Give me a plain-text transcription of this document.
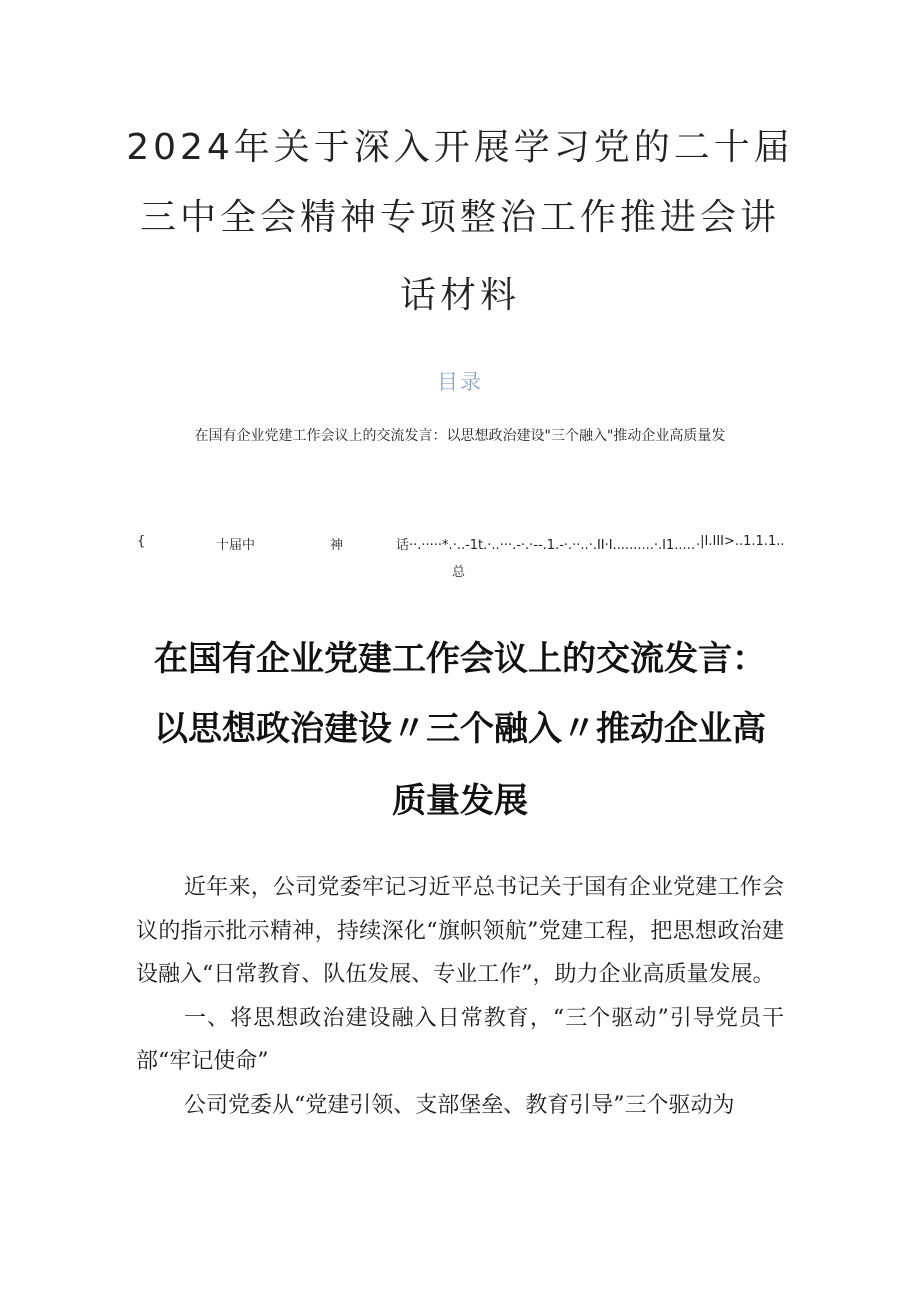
2024年关于深入开展学习党的二十届
三中全会精神专项整治工作推进会讲
话材料
目录
在国有企业党建工作会议上的交流发言：以思想政治建设"三个融入"推动企业高质量发
{	十届中	神	话··.·····*.·..-1t.·..···.-·.·--.1.-·.··..·.II·I..........·.I1..... .|I.III>..1.1.1..
总
在国有企业党建工作会议上的交流发言：
以思想政治建设〃三个融入〃推动企业高
质量发展

近年来，公司党委牢记习近平总书记关于国有企业党建工作会议的指示批示精神，持续深化“旗帜领航”党建工程，把思想政治建设融入“日常教育、队伍发展、专业工作”，助力企业高质量发展。

一、将思想政治建设融入日常教育，“三个驱动”引导党员干部“牢记使命”

公司党委从“党建引领、支部堡垒、教育引导”三个驱动为
